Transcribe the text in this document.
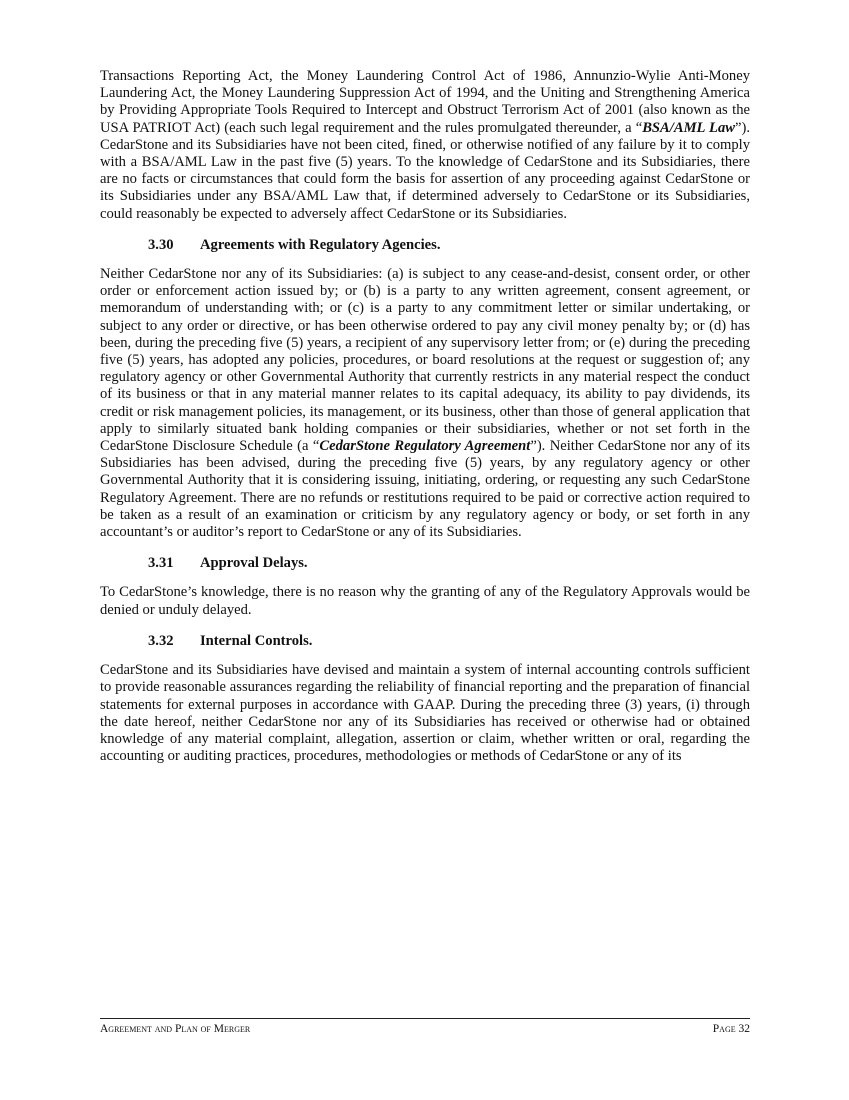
Transactions Reporting Act, the Money Laundering Control Act of 1986, Annunzio-Wylie Anti-Money Laundering Act, the Money Laundering Suppression Act of 1994, and the Uniting and Strengthening America by Providing Appropriate Tools Required to Intercept and Obstruct Terrorism Act of 2001 (also known as the USA PATRIOT Act) (each such legal requirement and the rules promulgated thereunder, a “BSA/AML Law”). CedarStone and its Subsidiaries have not been cited, fined, or otherwise notified of any failure by it to comply with a BSA/AML Law in the past five (5) years. To the knowledge of CedarStone and its Subsidiaries, there are no facts or circumstances that could form the basis for assertion of any proceeding against CedarStone or its Subsidiaries under any BSA/AML Law that, if determined adversely to CedarStone or its Subsidiaries, could reasonably be expected to adversely affect CedarStone or its Subsidiaries.

3.30 Agreements with Regulatory Agencies.

Neither CedarStone nor any of its Subsidiaries: (a) is subject to any cease-and-desist, consent order, or other order or enforcement action issued by; or (b) is a party to any written agreement, consent agreement, or memorandum of understanding with; or (c) is a party to any commitment letter or similar undertaking, or subject to any order or directive, or has been otherwise ordered to pay any civil money penalty by; or (d) has been, during the preceding five (5) years, a recipient of any supervisory letter from; or (e) during the preceding five (5) years, has adopted any policies, procedures, or board resolutions at the request or suggestion of; any regulatory agency or other Governmental Authority that currently restricts in any material respect the conduct of its business or that in any material manner relates to its capital adequacy, its ability to pay dividends, its credit or risk management policies, its management, or its business, other than those of general application that apply to similarly situated bank holding companies or their subsidiaries, whether or not set forth in the CedarStone Disclosure Schedule (a “CedarStone Regulatory Agreement”). Neither CedarStone nor any of its Subsidiaries has been advised, during the preceding five (5) years, by any regulatory agency or other Governmental Authority that it is considering issuing, initiating, ordering, or requesting any such CedarStone Regulatory Agreement. There are no refunds or restitutions required to be paid or corrective action required to be taken as a result of an examination or criticism by any regulatory agency or body, or set forth in any accountant’s or auditor’s report to CedarStone or any of its Subsidiaries.

3.31 Approval Delays.

To CedarStone’s knowledge, there is no reason why the granting of any of the Regulatory Approvals would be denied or unduly delayed.

3.32 Internal Controls.

CedarStone and its Subsidiaries have devised and maintain a system of internal accounting controls sufficient to provide reasonable assurances regarding the reliability of financial reporting and the preparation of financial statements for external purposes in accordance with GAAP. During the preceding three (3) years, (i) through the date hereof, neither CedarStone nor any of its Subsidiaries has received or otherwise had or obtained knowledge of any material complaint, allegation, assertion or claim, whether written or oral, regarding the accounting or auditing practices, procedures, methodologies or methods of CedarStone or any of its

Agreement and Plan of Merger	Page 32
